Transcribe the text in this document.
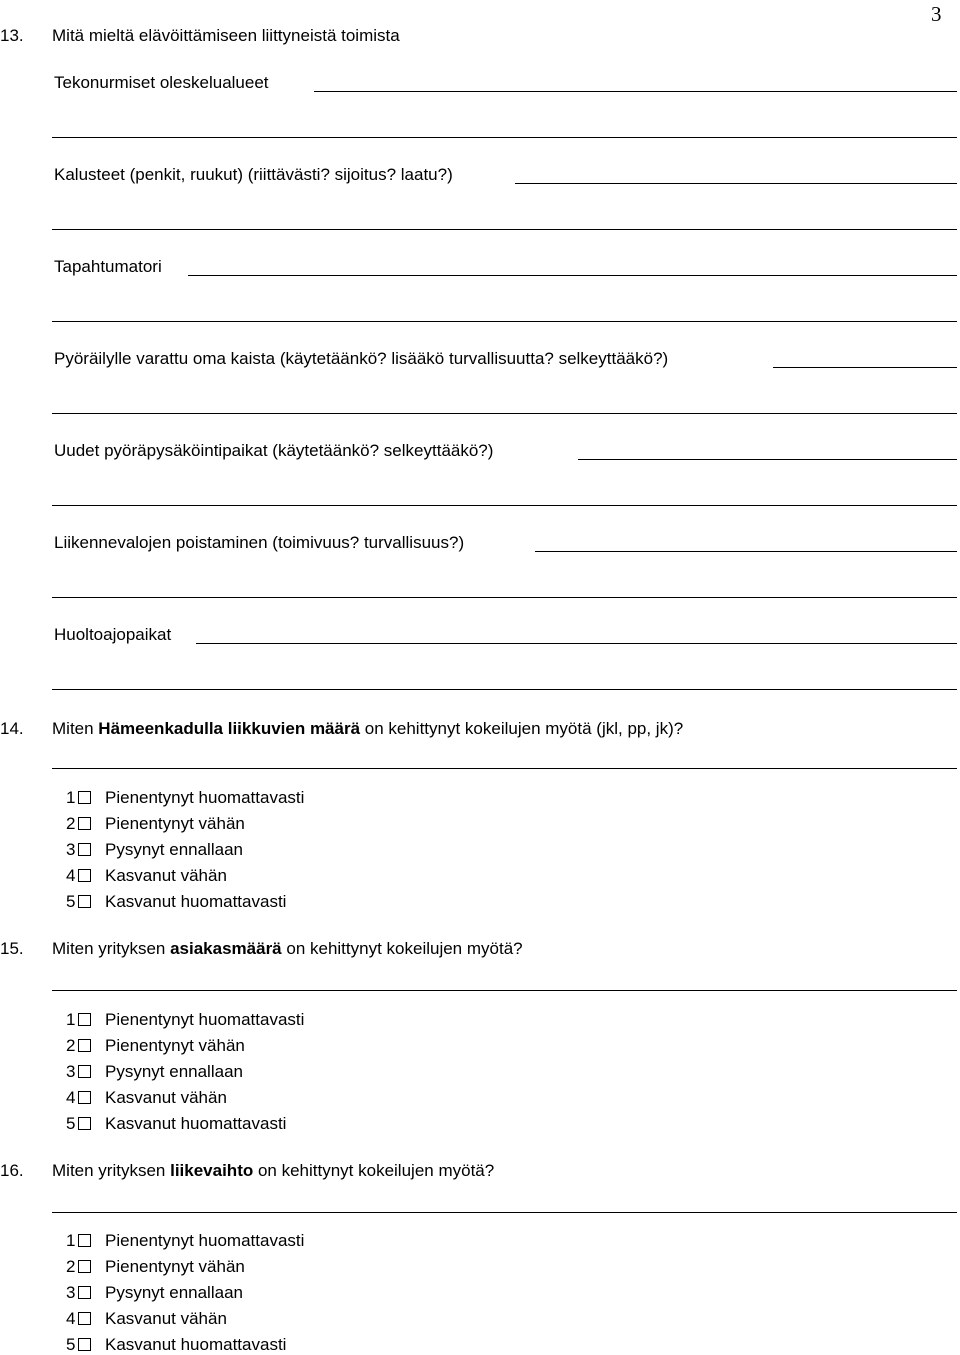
3
13. Mitä mieltä elävöittämiseen liittyneistä toimista
Tekonurmiset oleskelualueet
Kalusteet (penkit, ruukut) (riittävästi? sijoitus? laatu?)
Tapahtumatori
Pyöräilylle varattu oma kaista (käytetäänkö? lisääkö turvallisuutta? selkeyttääkö?)
Uudet pyöräpysäköintipaikat (käytetäänkö? selkeyttääkö?)
Liikennevalojen poistaminen (toimivuus? turvallisuus?)
Huoltoajopaikat
14. Miten Hämeenkadulla liikkuvien määrä on kehittynyt kokeilujen myötä (jkl, pp, jk)?
1 Pienentynyt huomattavasti
2 Pienentynyt vähän
3 Pysynyt ennallaan
4 Kasvanut vähän
5 Kasvanut huomattavasti
15. Miten yrityksen asiakasmäärä on kehittynyt kokeilujen myötä?
1 Pienentynyt huomattavasti
2 Pienentynyt vähän
3 Pysynyt ennallaan
4 Kasvanut vähän
5 Kasvanut huomattavasti
16. Miten yrityksen liikevaihto on kehittynyt kokeilujen myötä?
1 Pienentynyt huomattavasti
2 Pienentynyt vähän
3 Pysynyt ennallaan
4 Kasvanut vähän
5 Kasvanut huomattavasti
